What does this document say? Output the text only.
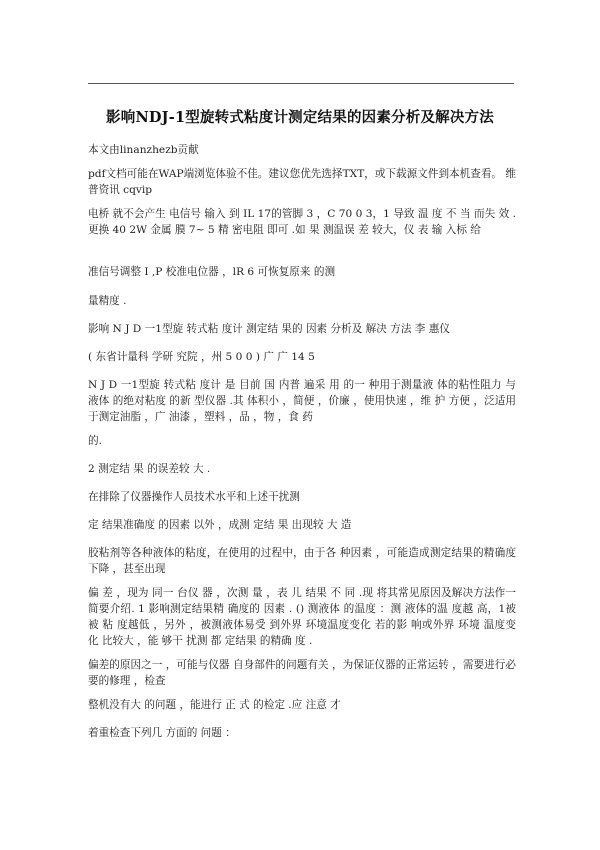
影响NDJ-1型旋转式粘度计测定结果的因素分析及解决方法
本文由linanzhezb贡献
pdf文档可能在WAP端浏览体验不佳。建议您优先选择TXT，或下载源文件到本机查看。 维普资讯 cqvip
电桥 就不会产生 电信号 输入 到 IL 17的管脚 3 ，C 70 0 3，1 导致 温 度 不 当 而失 效 .更换 40 2W 金属 膜 7~ 5 精 密电阻 即可 .如 果 测温误 差 较大，仪 表 输 入标 给
准信号调整 I ,P 校准电位器 ，lR 6 可恢复原来 的测
量精度 .
影响 N J D 一1型旋 转式粘 度计 测定结 果的 因素 分析及 解决 方法 李 惠仪
( 东省计量科 学研 究院 ，州 5 0 0 ) 广 广 14 5
N J D 一1型旋 转式粘 度计 是 目前 国 内普 遍采 用 的一 种用于测量液 体的粘性阻力 与液体 的绝对粘度 的新 型仪器 .其 体积小 ，简便 ，价廉 ，使用快速 ，维 护 方便 ，泛适用于测定油脂 ，广 油漆 ，塑料 ，品 ，物 ，食 药
的.
2 测定结 果 的误差较 大 .
在排除了仪器操作人员技术水平和上述干扰测
定 结果准确度 的因素 以外 ，成测 定结 果 出现较 大 造
胶粘剂等各种液体的粘度，在使用的过程中，由于各 种因素 ，可能造成测定结果的精确度下降 ，甚至出现
偏 差 ，现为 同一 台仪 器 ，次测 量 ，表 儿 结果 不 同 .现 将其常见原因及解决方法作一简要介绍. 1 影响测定结果精 确度的 因素 . () 测液体 的温度 ：测 液体的温 度越 高，1被 被 粘 度越低 ，另外 ，被测液体易受 到外界 环境温度变化 若的影 响或外界 环境 温度变 化 比较大 ，能 够干 扰测 都 定结果 的精确 度 .
偏差的原因之一 ，可能与仪器 自身部件的问题有关 ，为保证仪器的正常运转 ，需要进行必要的修理 ，检查
整机没有大 的问题 ，能进行 正 式 的检定 .应 注意 才
着重检查下列几 方面的 问题 ：
